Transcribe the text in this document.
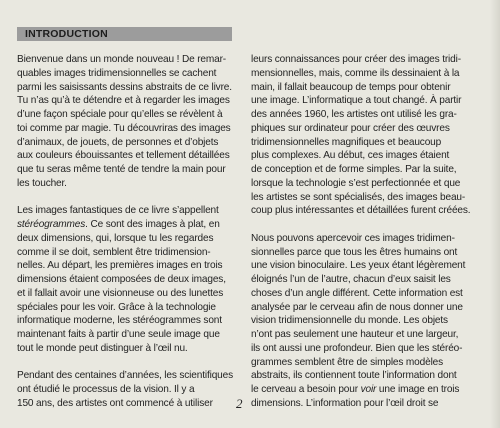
INTRODUCTION

Bienvenue dans un monde nouveau ! De remar-
quables images tridimensionnelles se cachent
parmi les saisissants dessins abstraits de ce livre.
Tu n’as qu’à te détendre et à regarder les images
d’une façon spéciale pour qu’elles se révèlent à
toi comme par magie. Tu découvriras des images
d’animaux, de jouets, de personnes et d’objets
aux couleurs ébouissantes et tellement détaillées
que tu seras même tenté de tendre la main pour
les toucher.

Les images fantastiques de ce livre s’appellent
stéréogrammes. Ce sont des images à plat, en
deux dimensions, qui, lorsque tu les regardes
comme il se doit, semblent être tridimension-
nelles. Au départ, les premières images en trois
dimensions étaient composées de deux images,
et il fallait avoir une visionneuse ou des lunettes
spéciales pour les voir. Grâce à la technologie
informatique moderne, les stéréogrammes sont
maintenant faits à partir d’une seule image que
tout le monde peut distinguer à l’œil nu.

Pendant des centaines d’années, les scientifiques
ont étudié le processus de la vision. Il y a
150 ans, des artistes ont commencé à utiliser

leurs connaissances pour créer des images tridi-
mensionnelles, mais, comme ils dessinaient à la
main, il fallait beaucoup de temps pour obtenir
une image. L’informatique a tout changé. À partir
des années 1960, les artistes ont utilisé les gra-
phiques sur ordinateur pour créer des œuvres
tridimensionnelles magnifiques et beaucoup
plus complexes. Au début, ces images étaient
de conception et de forme simples. Par la suite,
lorsque la technologie s’est perfectionnée et que
les artistes se sont spécialisés, des images beau-
coup plus intéressantes et détaillées furent créées.

Nous pouvons apercevoir ces images tridimen-
sionnelles parce que tous les êtres humains ont
une vision binoculaire. Les yeux étant légèrement
éloignés l’un de l’autre, chacun d’eux saisit les
choses d’un angle différent. Cette information est
analysée par le cerveau afin de nous donner une
vision tridimensionnelle du monde. Les objets
n’ont pas seulement une hauteur et une largeur,
ils ont aussi une profondeur. Bien que les stéréo-
grammes semblent être de simples modèles
abstraits, ils contiennent toute l’information dont
le cerveau a besoin pour voir une image en trois
dimensions. L’information pour l’œil droit se

2
